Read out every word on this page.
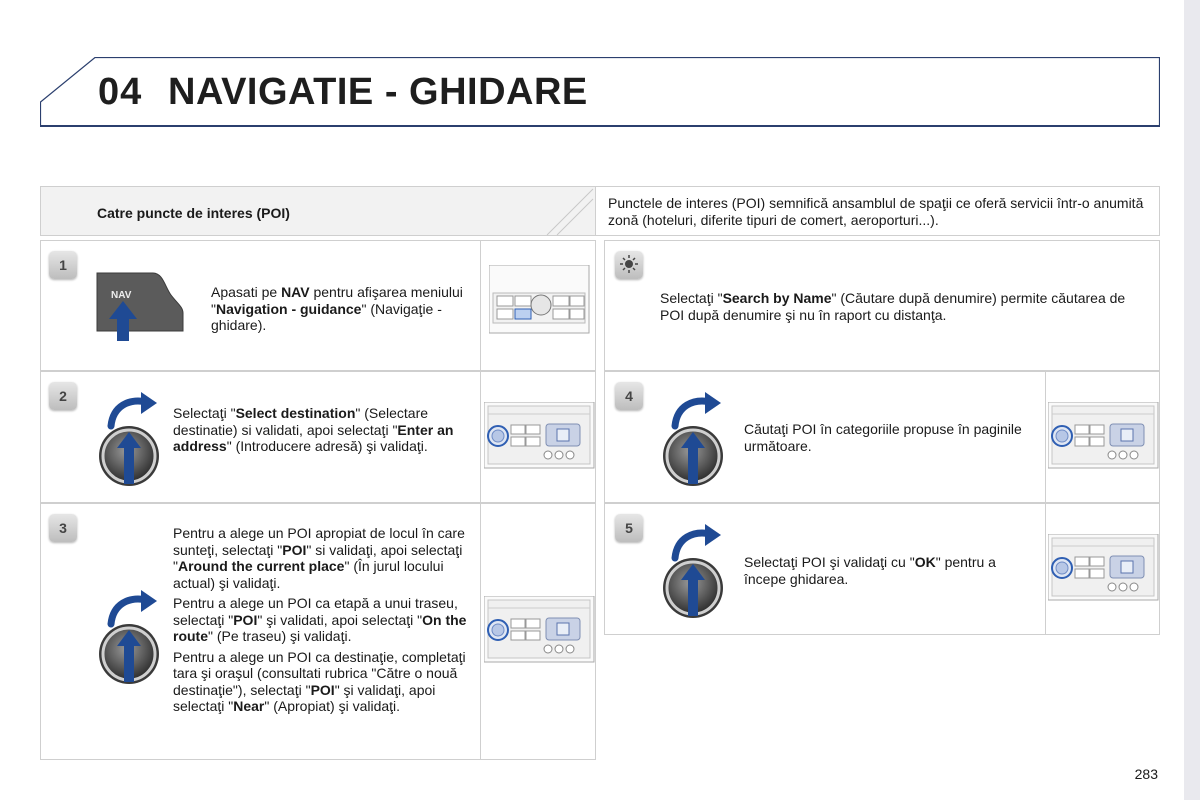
04 NAVIGATIE - GHIDARE
Catre puncte de interes (POI)
Punctele de interes (POI) semnifică ansamblul de spaţii ce oferă servicii într-o anumită zonă (hoteluri, diferite tipuri de comert, aeroporturi...).
1
NAV	Apasati pe NAV pentru afişarea meniului "Navigation - guidance" (Navigaţie - ghidare).
2
Selectaţi "Select destination" (Selectare destinatie) si validati, apoi selectaţi "Enter an address" (Introducere adresă) şi validaţi.
3	Pentru a alege un POI apropiat de locul în care sunteţi, selectaţi "POI" si validaţi, apoi selectaţi "Around the current place" (În jurul locului actual) şi validaţi.

Pentru a alege un POI ca etapă a unui traseu, selectaţi "POI" şi validati, apoi selectaţi "On the route" (Pe traseu) şi validaţi.

Pentru a alege un POI ca destinaţie, completaţi tara şi oraşul (consultati rubrica "Către o nouă destinaţie"), selectaţi "POI" şi validaţi, apoi selectaţi "Near" (Apropiat) şi validaţi.

Selectaţi "Search by Name" (Căutare după denumire) permite căutarea de POI după denumire şi nu în raport cu distanţa.
4
Căutaţi POI în categoriile propuse în paginile următoare.
5
Selectaţi POI şi validaţi cu "OK" pentru a începe ghidarea.
283
